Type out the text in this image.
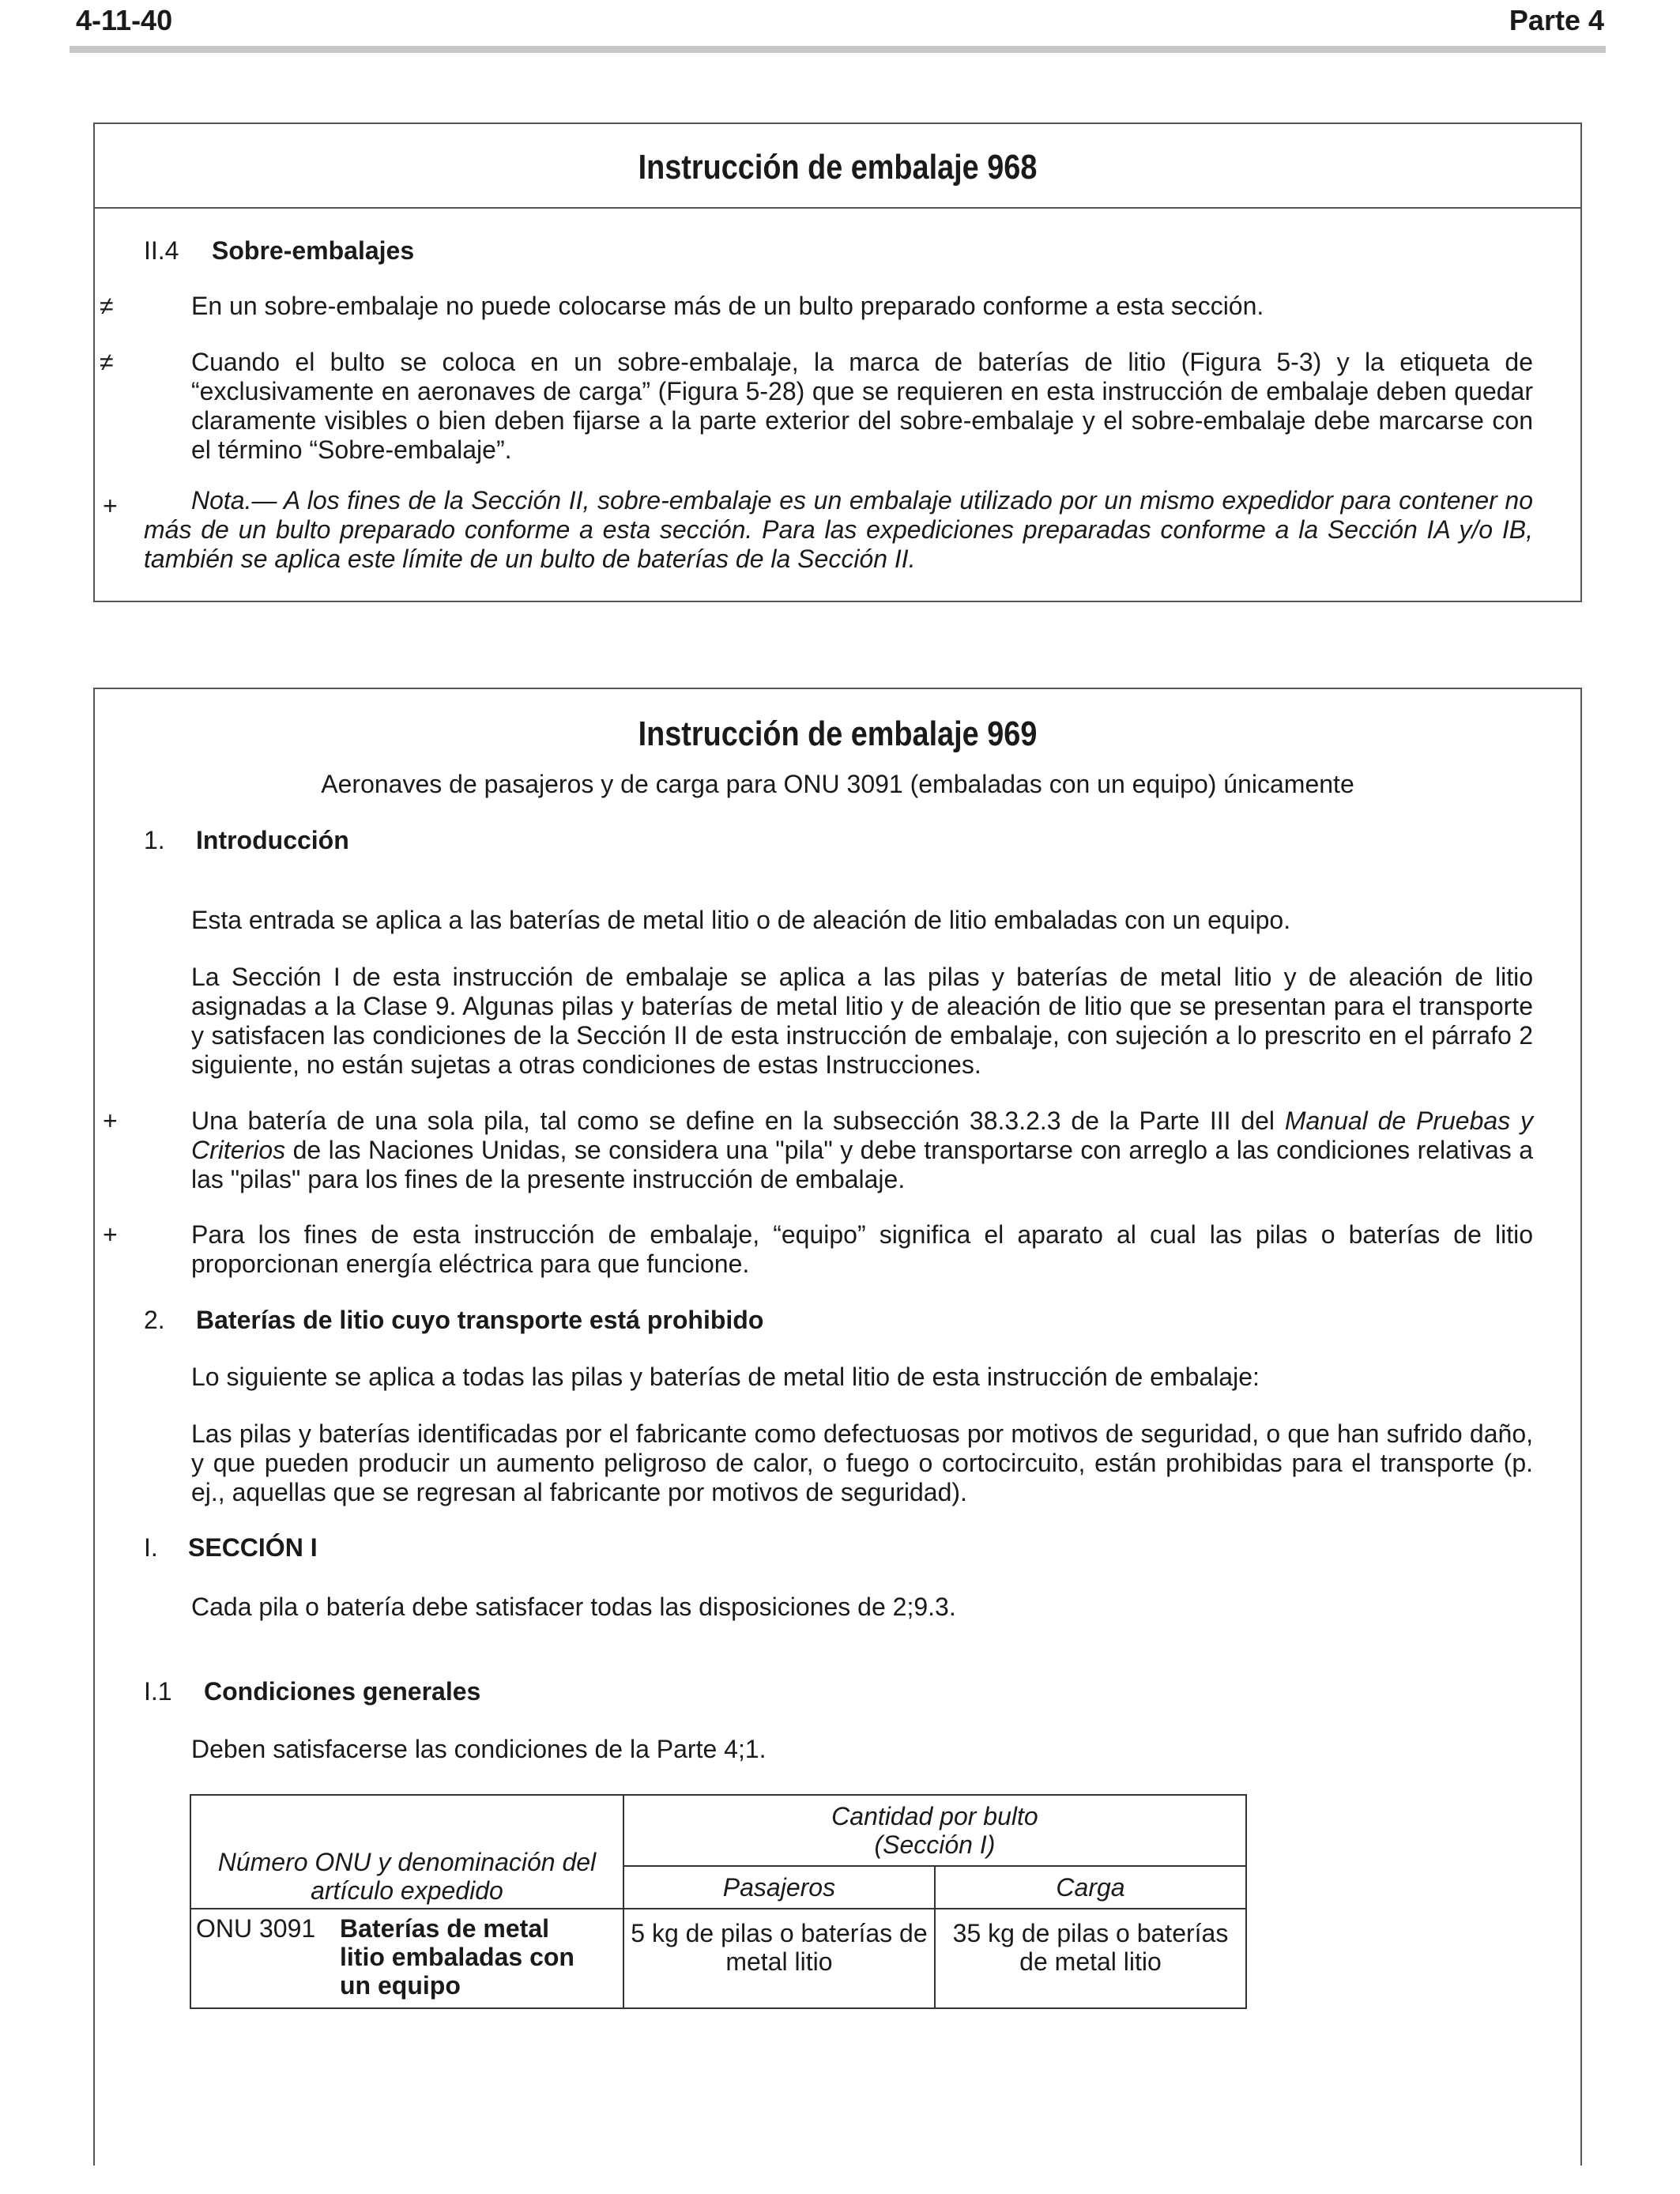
4-11-40	Parte 4
Instrucción de embalaje 968

II.4 Sobre-embalajes

≠	En un sobre-embalaje no puede colocarse más de un bulto preparado conforme a esta sección.

≠	Cuando el bulto se coloca en un sobre-embalaje, la marca de baterías de litio (Figura 5-3) y la etiqueta de “exclusivamente en aeronaves de carga” (Figura 5-28) que se requieren en esta instrucción de embalaje deben quedar claramente visibles o bien deben fijarse a la parte exterior del sobre-embalaje y el sobre-embalaje debe marcarse con el término “Sobre-embalaje”.

+	Nota.— A los fines de la Sección II, sobre-embalaje es un embalaje utilizado por un mismo expedidor para contener no más de un bulto preparado conforme a esta sección. Para las expediciones preparadas conforme a la Sección IA y/o IB, también se aplica este límite de un bulto de baterías de la Sección II.

Instrucción de embalaje 969

Aeronaves de pasajeros y de carga para ONU 3091 (embaladas con un equipo) únicamente

1. Introducción

Esta entrada se aplica a las baterías de metal litio o de aleación de litio embaladas con un equipo.

La Sección I de esta instrucción de embalaje se aplica a las pilas y baterías de metal litio y de aleación de litio asignadas a la Clase 9. Algunas pilas y baterías de metal litio y de aleación de litio que se presentan para el transporte y satisfacen las condiciones de la Sección II de esta instrucción de embalaje, con sujeción a lo prescrito en el párrafo 2 siguiente, no están sujetas a otras condiciones de estas Instrucciones.

+	Una batería de una sola pila, tal como se define en la subsección 38.3.2.3 de la Parte III del Manual de Pruebas y Criterios de las Naciones Unidas, se considera una "pila" y debe transportarse con arreglo a las condiciones relativas a las "pilas" para los fines de la presente instrucción de embalaje.

+	Para los fines de esta instrucción de embalaje, “equipo” significa el aparato al cual las pilas o baterías de litio proporcionan energía eléctrica para que funcione.

2. Baterías de litio cuyo transporte está prohibido

Lo siguiente se aplica a todas las pilas y baterías de metal litio de esta instrucción de embalaje:

Las pilas y baterías identificadas por el fabricante como defectuosas por motivos de seguridad, o que han sufrido daño, y que pueden producir un aumento peligroso de calor, o fuego o cortocircuito, están prohibidas para el transporte (p. ej., aquellas que se regresan al fabricante por motivos de seguridad).

I. SECCIÓN I

Cada pila o batería debe satisfacer todas las disposiciones de 2;9.3.

I.1 Condiciones generales

Deben satisfacerse las condiciones de la Parte 4;1.

Número ONU y denominación del artículo expedido	Cantidad por bulto
(Sección I)	

	Pasajeros	Carga

ONU 3091 Baterías de metal litio embaladas con un equipo	5 kg de pilas o baterías de metal litio	35 kg de pilas o baterías de metal litio
